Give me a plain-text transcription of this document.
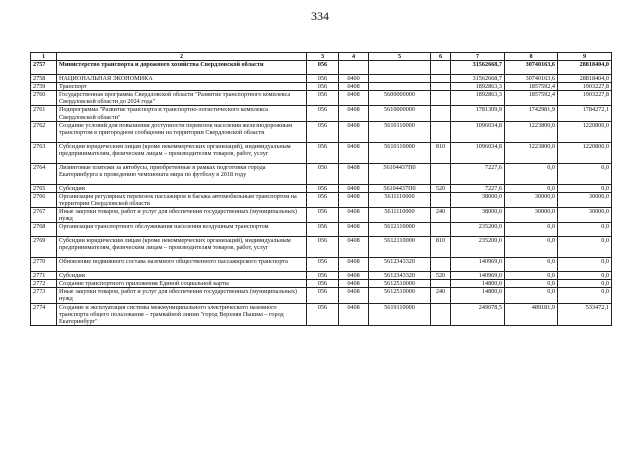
334
1	2	3	4	5	6	7	8	9
2757	Министерство транспорта и дорожного хозяйства Свердловской области	056				31562668,7	30740163,6	28818404,0
2758	НАЦИОНАЛЬНАЯ ЭКОНОМИКА	056	0400			31562668,7	30740163,6	28818404,0
2759	Транспорт	056	0408			1892863,3	1857592,4	1903227,8
2760	Государственная программа Свердловской области "Развитие транспортного комплекса Свердловской области до 2024 года"	056	0408	5600000000		1892863,3	1857592,4	1903227,8
2761	Подпрограмма "Развитие транспорта и транспортно-логистического комплекса Свердловской области"	056	0408	5610000000		1781309,9	1742981,9	1784272,1
2762	Создание условий для повышения доступности перевозок населения железнодорожным транспортом в пригородном сообщении на территории Свердловской области	056	0408	5610110000		1096034,8	1223800,0	1220800,0
2763	Субсидии юридическим лицам (кроме некоммерческих организаций), индивидуальным предпринимателям, физическим лицам – производителям товаров, работ, услуг	056	0408	5610110000	810	1096034,8	1223800,0	1220800,0
2764	Лизинговые платежи за автобусы, приобретенные в рамках подготовки города Екатеринбурга к проведению чемпионата мира по футболу в 2018 году	056	0408	56104437П0		7227,6	0,0	0,0
2765	Субсидии	056	0408	56104437П0	520	7227,6	0,0	0,0
2766	Организация регулярных перевозок пассажиров и багажа автомобильным транспортом на территории Свердловской области	056	0408	5611110000		38000,0	30000,0	30000,0
2767	Иные закупки товаров, работ и услуг для обеспечения государственных (муниципальных) нужд	056	0408	5611110000	240	38000,0	30000,0	30000,0
2768	Организация транспортного обслуживания населения воздушным транспортом	056	0408	5612110000		235200,0	0,0	0,0
2769	Субсидии юридическим лицам (кроме некоммерческих организаций), индивидуальным предпринимателям, физическим лицам – производителям товаров, работ, услуг	056	0408	5612110000	810	235200,0	0,0	0,0
2770	Обновление подвижного состава наземного общественного пассажирского транспорта	056	0408	5612343320		140969,0	0,0	0,0
2771	Субсидии	056	0408	5612343320	520	140969,0	0,0	0,0
2772	Создание транспортного приложения Единой социальной карты	056	0408	5612510000		14800,0	0,0	0,0
2773	Иные закупки товаров, работ и услуг для обеспечения государственных (муниципальных) нужд	056	0408	5612510000	240	14800,0	0,0	0,0
2774	Создание и эксплуатация системы межмуниципального электрического наземного транспорта общего пользования – трамвайной линии "город Верхняя Пышма – город Екатеринбург"	056	0408	5619110000		249078,5	489181,9	533472,1
